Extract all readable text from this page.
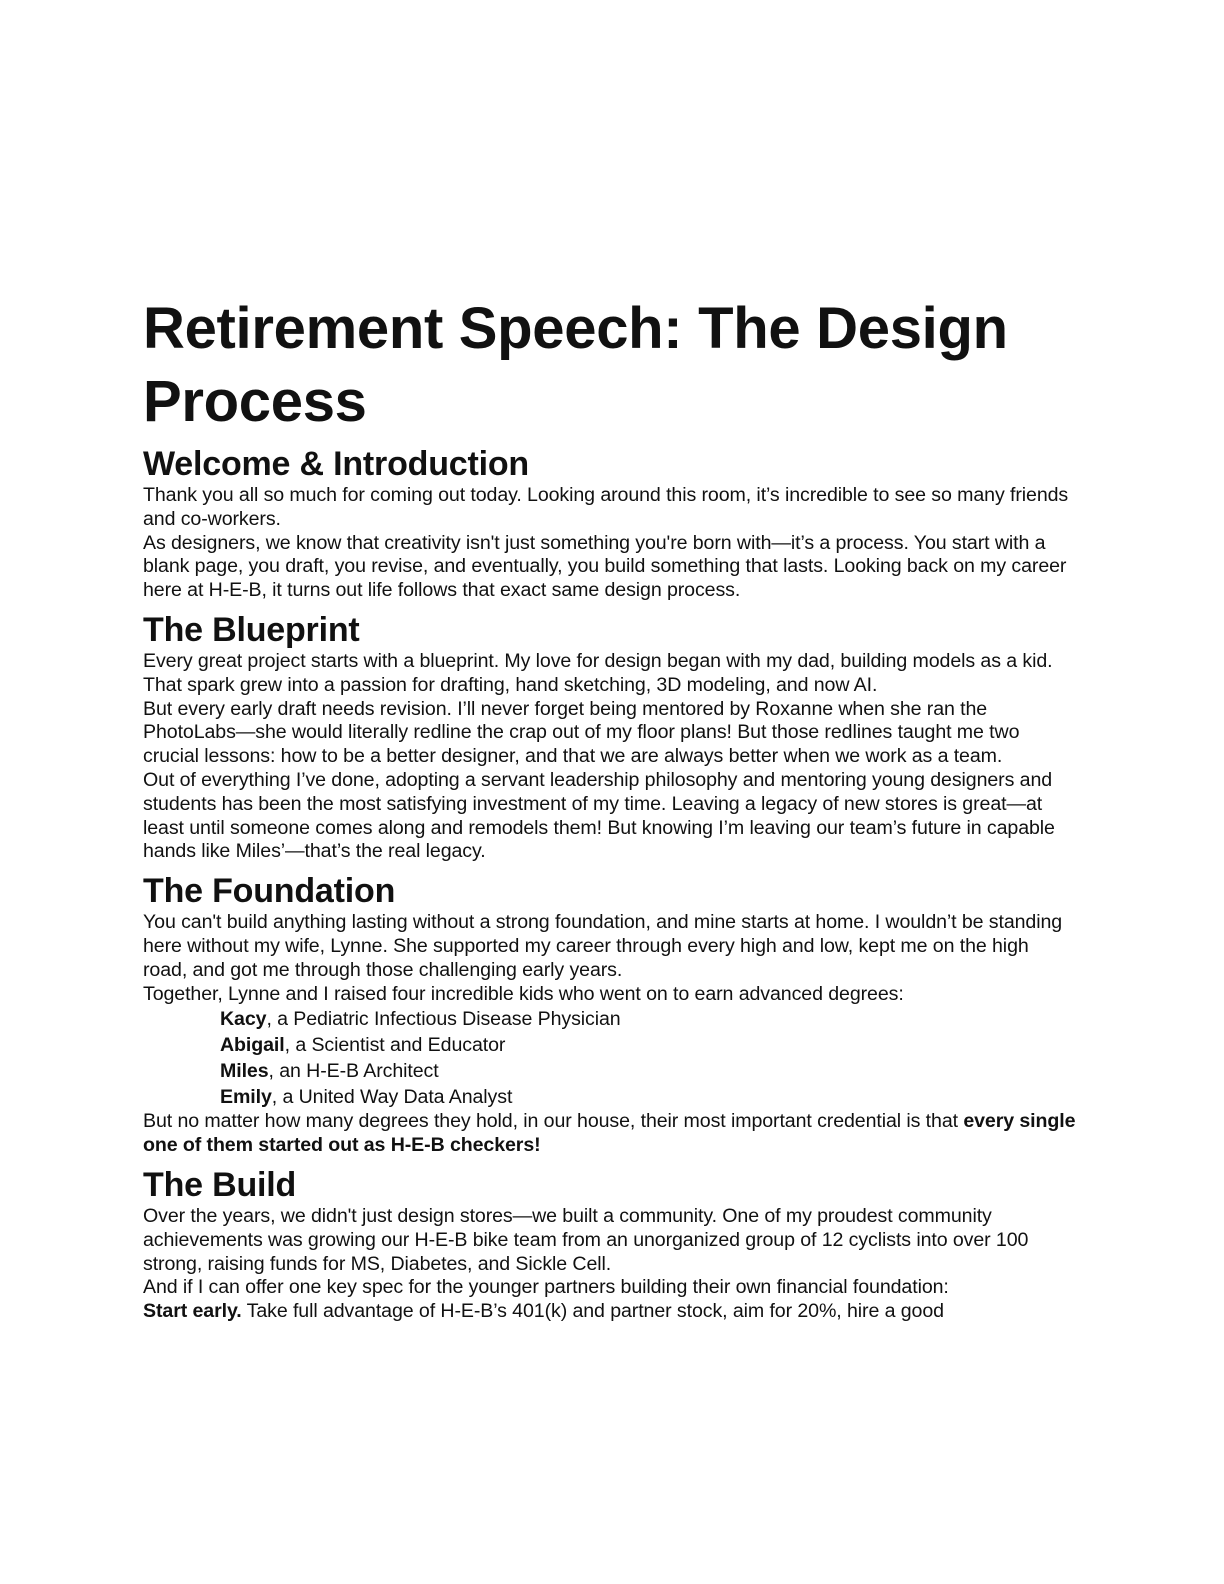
Retirement Speech: The Design Process
Welcome & Introduction

Thank you all so much for coming out today. Looking around this room, it’s incredible to see so many friends and co-workers.

As designers, we know that creativity isn't just something you're born with—it’s a process. You start with a blank page, you draft, you revise, and eventually, you build something that lasts. Looking back on my career here at H-E-B, it turns out life follows that exact same design process.

The Blueprint

Every great project starts with a blueprint. My love for design began with my dad, building models as a kid. That spark grew into a passion for drafting, hand sketching, 3D modeling, and now AI.

But every early draft needs revision. I’ll never forget being mentored by Roxanne when she ran the PhotoLabs—she would literally redline the crap out of my floor plans! But those redlines taught me two crucial lessons: how to be a better designer, and that we are always better when we work as a team.

Out of everything I’ve done, adopting a servant leadership philosophy and mentoring young designers and students has been the most satisfying investment of my time. Leaving a legacy of new stores is great—at least until someone comes along and remodels them! But knowing I’m leaving our team’s future in capable hands like Miles’—that’s the real legacy.

The Foundation

You can't build anything lasting without a strong foundation, and mine starts at home. I wouldn’t be standing here without my wife, Lynne. She supported my career through every high and low, kept me on the high road, and got me through those challenging early years.

Together, Lynne and I raised four incredible kids who went on to earn advanced degrees:

Kacy, a Pediatric Infectious Disease Physician
Abigail, a Scientist and Educator
Miles, an H-E-B Architect
Emily, a United Way Data Analyst

But no matter how many degrees they hold, in our house, their most important credential is that every single one of them started out as H-E-B checkers!

The Build

Over the years, we didn't just design stores—we built a community. One of my proudest community achievements was growing our H-E-B bike team from an unorganized group of 12 cyclists into over 100 strong, raising funds for MS, Diabetes, and Sickle Cell.

And if I can offer one key spec for the younger partners building their own financial foundation:

Start early. Take full advantage of H-E-B’s 401(k) and partner stock, aim for 20%, hire a good
